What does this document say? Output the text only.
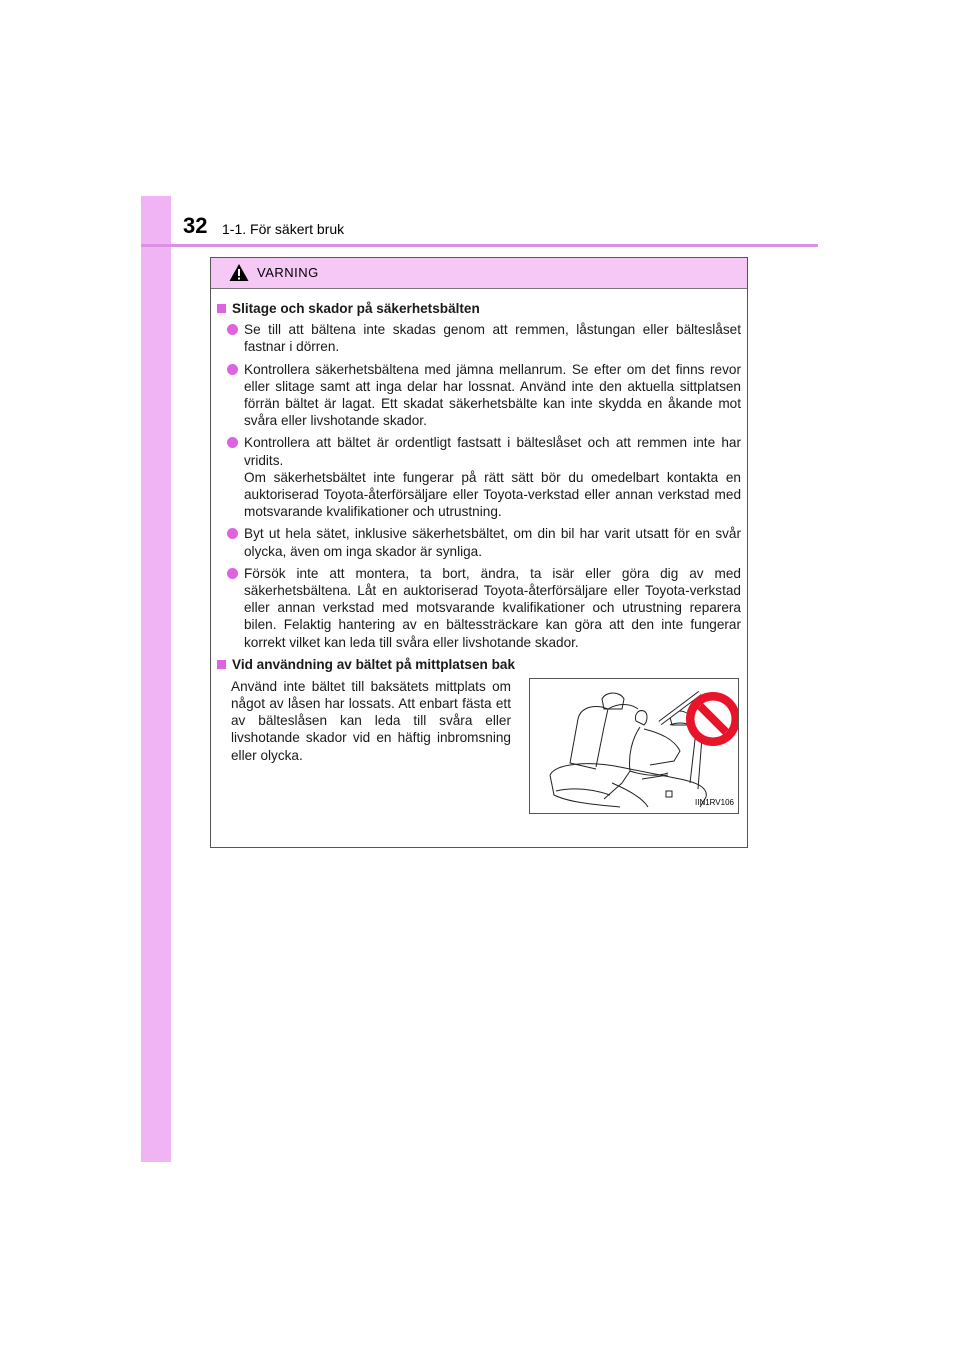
32 1-1. För säkert bruk
VARNING
Slitage och skador på säkerhetsbälten
Se till att bältena inte skadas genom att remmen, låstungan eller bälteslåset fastnar i dörren.
Kontrollera säkerhetsbältena med jämna mellanrum. Se efter om det finns revor eller slitage samt att inga delar har lossnat. Använd inte den aktuella sittplatsen förrän bältet är lagat. Ett skadat säkerhetsbälte kan inte skydda en åkande mot svåra eller livshotande skador.
Kontrollera att bältet är ordentligt fastsatt i bälteslåset och att remmen inte har vridits.
Om säkerhetsbältet inte fungerar på rätt sätt bör du omedelbart kontakta en auktoriserad Toyota-återförsäljare eller Toyota-verkstad eller annan verkstad med motsvarande kvalifikationer och utrustning.
Byt ut hela sätet, inklusive säkerhetsbältet, om din bil har varit utsatt för en svår olycka, även om inga skador är synliga.
Försök inte att montera, ta bort, ändra, ta isär eller göra dig av med säkerhetsbältena. Låt en auktoriserad Toyota-återförsäljare eller Toyota-verkstad eller annan verkstad med motsvarande kvalifikationer och utrustning reparera bilen. Felaktig hantering av en bältessträckare kan göra att den inte fungerar korrekt vilket kan leda till svåra eller livshotande skador.
Vid användning av bältet på mittplatsen bak
Använd inte bältet till baksätets mittplats om något av låsen har lossats. Att enbart fästa ett av bälteslåsen kan leda till svåra eller livshotande skador vid en häftig inbromsning eller olycka.
IIN1RV106
